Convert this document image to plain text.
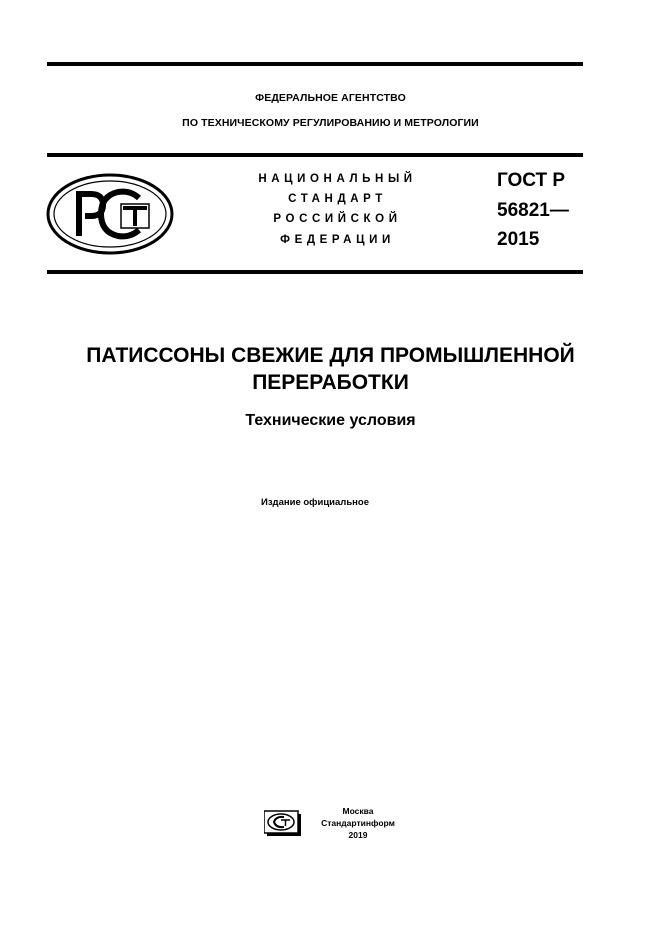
ФЕДЕРАЛЬНОЕ АГЕНТСТВО
ПО ТЕХНИЧЕСКОМУ РЕГУЛИРОВАНИЮ И МЕТРОЛОГИИ
НАЦИОНАЛЬНЫЙ
СТАНДАРТ
РОССИЙСКОЙ
ФЕДЕРАЦИИ
ГОСТ Р
56821—
2015
ПАТИССОНЫ СВЕЖИЕ ДЛЯ ПРОМЫШЛЕННОЙ
ПЕРЕРАБОТКИ
Технические условия
Издание официальное
Москва
Стандартинформ
2019
